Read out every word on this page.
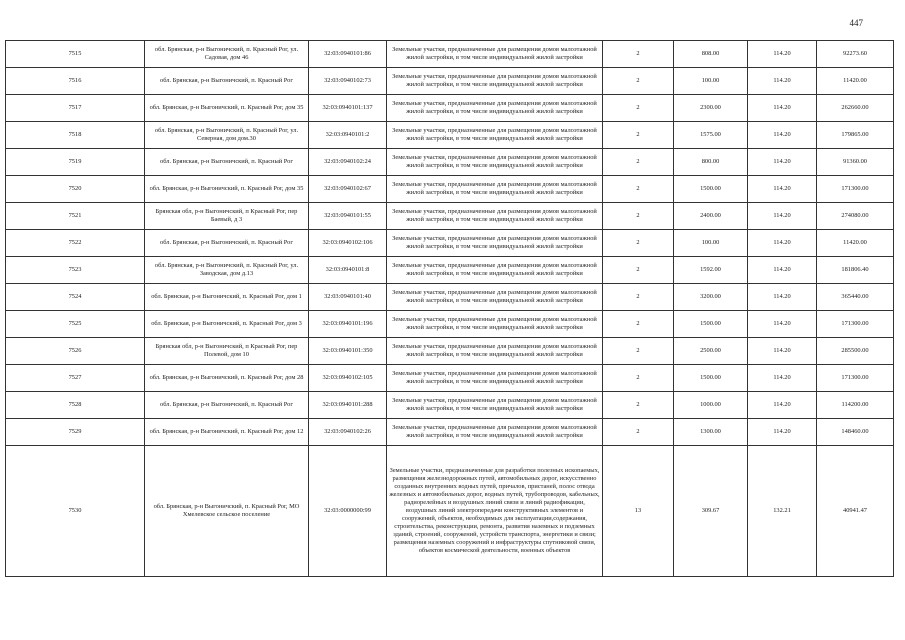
447
7515	обл. Брянская, р-н Выгоничский, п. Красный Рог, ул. Садовая, дом 46	32:03:0940101:86	Земельные участки, предназначенные для размещения домов малоэтажной жилой застройки, в том числе индивидуальной жилой застройки	2	808.00	114.20	92273.60
7516	обл. Брянская, р-н Выгоничский, п. Красный Рог	32:03:0940102:73	Земельные участки, предназначенные для размещения домов малоэтажной жилой застройки, в том числе индивидуальной жилой застройки	2	100.00	114.20	11420.00
7517	обл. Брянская, р-н Выгоничский, п. Красный Рог, дом 35	32:03:0940101:137	Земельные участки, предназначенные для размещения домов малоэтажной жилой застройки, в том числе индивидуальной жилой застройки	2	2300.00	114.20	262660.00
7518	обл. Брянская, р-н Выгоничский, п. Красный Рог, ул. Северная, дом дом.30	32:03:0940101:2	Земельные участки, предназначенные для размещения домов малоэтажной жилой застройки, в том числе индивидуальной жилой застройки	2	1575.00	114.20	179865.00
7519	обл. Брянская, р-н Выгоничский, п. Красный Рог	32:03:0940102:24	Земельные участки, предназначенные для размещения домов малоэтажной жилой застройки, в том числе индивидуальной жилой застройки	2	800.00	114.20	91360.00
7520	обл. Брянская, р-н Выгоничский, п. Красный Рог, дом 35	32:03:0940102:67	Земельные участки, предназначенные для размещения домов малоэтажной жилой застройки, в том числе индивидуальной жилой застройки	2	1500.00	114.20	171300.00
7521	Брянская обл, р-н Выгоничский, п Красный Рог, пер Баевый, д 3	32:03:0940101:55	Земельные участки, предназначенные для размещения домов малоэтажной жилой застройки, в том числе индивидуальной жилой застройки	2	2400.00	114.20	274080.00
7522	обл. Брянская, р-н Выгоничский, п. Красный Рог	32:03:0940102:106	Земельные участки, предназначенные для размещения домов малоэтажной жилой застройки, в том числе индивидуальной жилой застройки	2	100.00	114.20	11420.00
7523	обл. Брянская, р-н Выгоничский, п. Красный Рог, ул. Заводская, дом д.13	32:03:0940101:8	Земельные участки, предназначенные для размещения домов малоэтажной жилой застройки, в том числе индивидуальной жилой застройки	2	1592.00	114.20	181806.40
7524	обл. Брянская, р-н Выгоничский, п. Красный Рог, дом 1	32:03:0940101:40	Земельные участки, предназначенные для размещения домов малоэтажной жилой застройки, в том числе индивидуальной жилой застройки	2	3200.00	114.20	365440.00
7525	обл. Брянская, р-н Выгоничский, п. Красный Рог, дом 3	32:03:0940101:196	Земельные участки, предназначенные для размещения домов малоэтажной жилой застройки, в том числе индивидуальной жилой застройки	2	1500.00	114.20	171300.00
7526	Брянская обл, р-н Выгоничский, п Красный Рог, пер Полевой, дом 10	32:03:0940101:350	Земельные участки, предназначенные для размещения домов малоэтажной жилой застройки, в том числе индивидуальной жилой застройки	2	2500.00	114.20	285500.00
7527	обл. Брянская, р-н Выгоничский, п. Красный Рог, дом 28	32:03:0940102:105	Земельные участки, предназначенные для размещения домов малоэтажной жилой застройки, в том числе индивидуальной жилой застройки	2	1500.00	114.20	171300.00
7528	обл. Брянская, р-н Выгоничский, п. Красный Рог	32:03:0940101:288	Земельные участки, предназначенные для размещения домов малоэтажной жилой застройки, в том числе индивидуальной жилой застройки	2	1000.00	114.20	114200.00
7529	обл. Брянская, р-н Выгоничский, п. Красный Рог, дом 12	32:03:0940102:26	Земельные участки, предназначенные для размещения домов малоэтажной жилой застройки, в том числе индивидуальной жилой застройки	2	1300.00	114.20	148460.00
7530	обл. Брянская, р-н Выгоничский, п. Красный Рог, МО Хмелевское сельское поселение	32:03:0000000:99	Земельные участки, предназначенные для разработки полезных ископаемых, размещения железнодорожных путей, автомобильных дорог, искусственно созданных внутренних водных путей, причалов, пристаней, полос отвода железных и автомобильных дорог, водных путей, трубопроводов, кабельных, радиорелейных и воздушных линий связи и линий радиофикации, воздушных линий электропередачи конструктивных элементов и сооружений, объектов, необходимых для эксплуатации,содержания, строительства, реконструкции, ремонта, развития наземных и подземных зданий, строений, сооружений, устройств транспорта, энергетики и связи; размещения наземных сооружений и инфраструктуры спутниковой связи, объектов космической деятельности, военных объектов	13	309.67	132.21	40941.47
